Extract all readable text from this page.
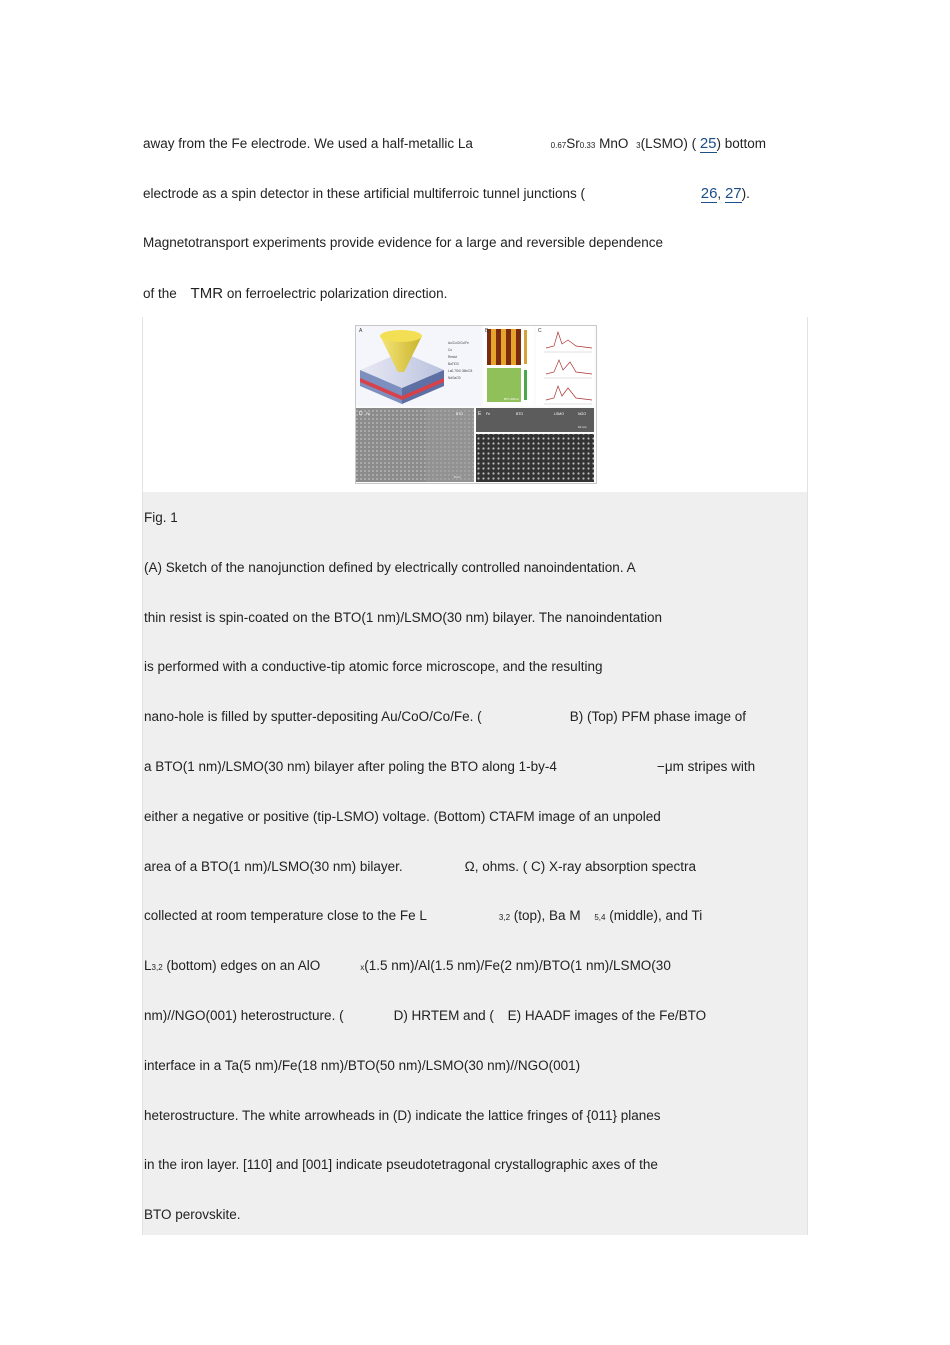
away from the Fe electrode. We used a half-metallic La	0.67Sr0.33 MnO 3(LSMO) ( 25) bottom
electrode as a spin detector in these artificial multiferroic tunnel junctions (	26, 27).
Magnetotransport experiments provide evidence for a large and reversible dependence
of the TMR on ferroelectric polarization direction.
Au/CoO/Co/Fe
Co
Resist
BaTiO3
La0.7Sr0.3MnO3
NdGaO3
A
BTO 400nm
B	C
D Fe	BTO
5 nm
E Fe	BTO	LSMO	NGO
10 nm
Fig. 1
(A) Sketch of the nanojunction defined by electrically controlled nanoindentation. A
thin resist is spin-coated on the BTO(1 nm)/LSMO(30 nm) bilayer. The nanoindentation
is performed with a conductive-tip atomic force microscope, and the resulting
nano-hole is filled by sputter-depositing Au/CoO/Co/Fe. (	B) (Top) PFM phase image of
a BTO(1 nm)/LSMO(30 nm) bilayer after poling the BTO along 1-by-4	−μm stripes with
either a negative or positive (tip-LSMO) voltage. (Bottom) CTAFM image of an unpoled
area of a BTO(1 nm)/LSMO(30 nm) bilayer.	Ω, ohms. ( C) X-ray absorption spectra
collected at room temperature close to the Fe L	3,2 (top), Ba M 5,4 (middle), and Ti
L3,2 (bottom) edges on an AlO	x(1.5 nm)/Al(1.5 nm)/Fe(2 nm)/BTO(1 nm)/LSMO(30
nm)//NGO(001) heterostructure. (	D) HRTEM and ( E) HAADF images of the Fe/BTO
interface in a Ta(5 nm)/Fe(18 nm)/BTO(50 nm)/LSMO(30 nm)//NGO(001)
heterostructure. The white arrowheads in (D) indicate the lattice fringes of {011} planes
in the iron layer. [110] and [001] indicate pseudotetragonal crystallographic axes of the
BTO perovskite.
